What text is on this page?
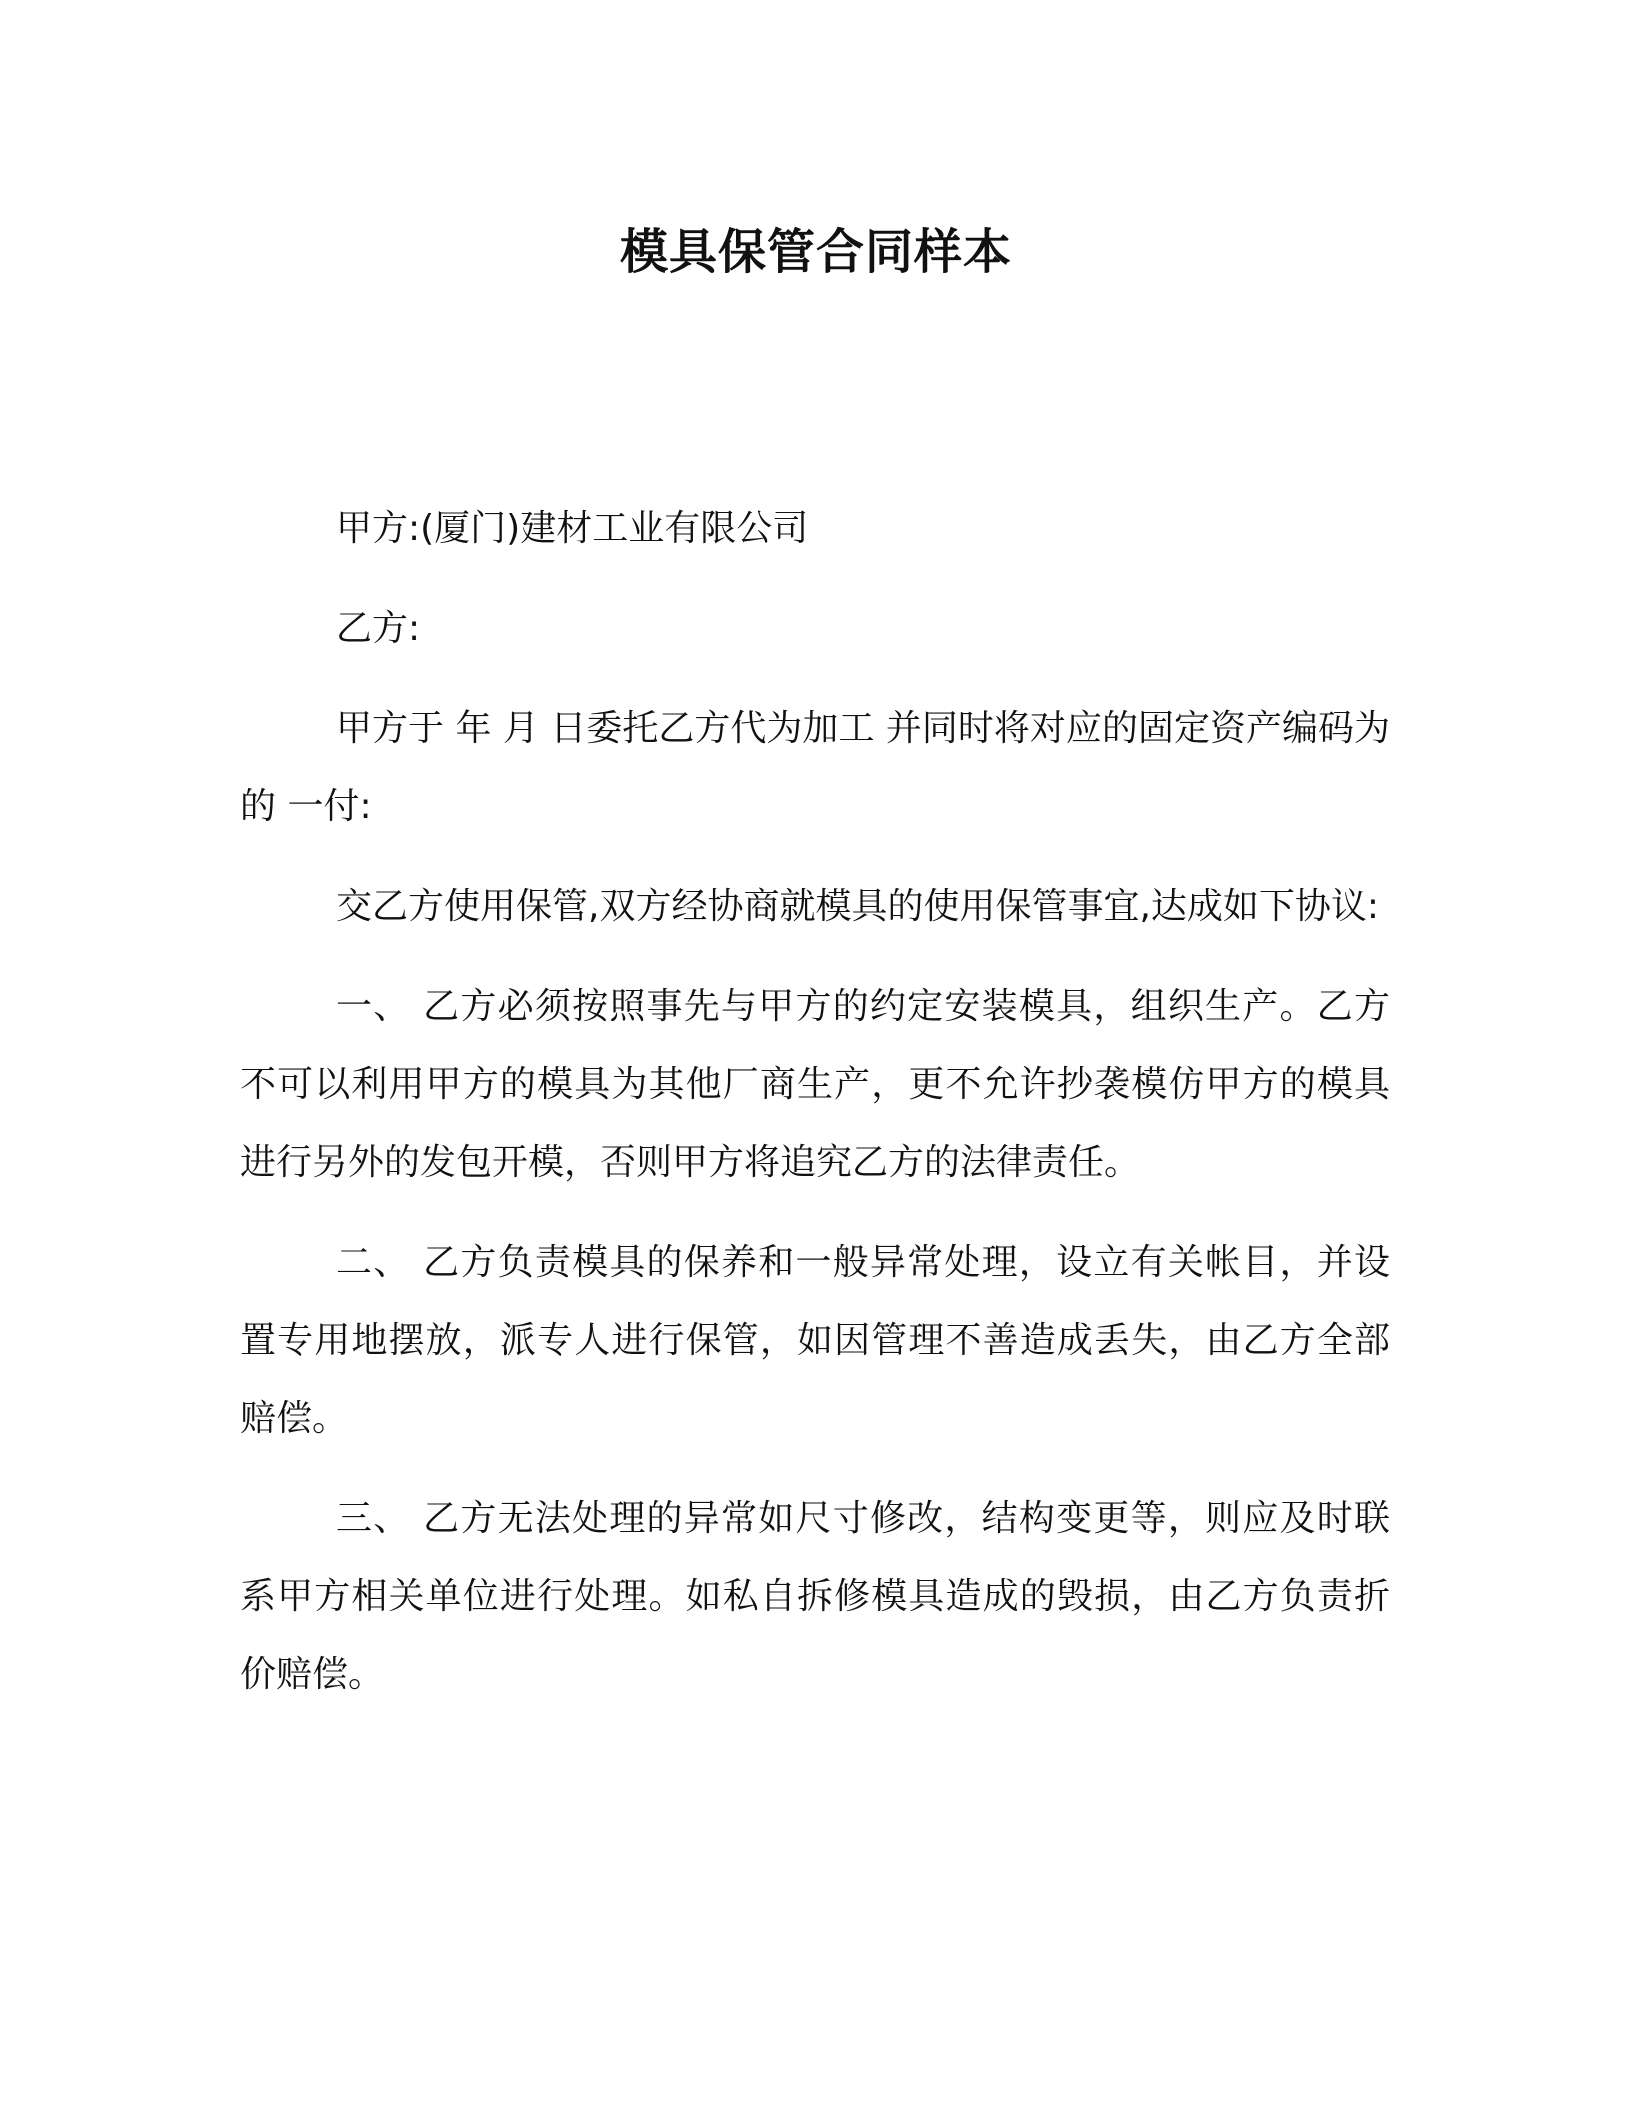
模具保管合同样本

甲方:(厦门)建材工业有限公司

乙方:

甲方于 年 月 日委托乙方代为加工 并同时将对应的固定资产编码为 的 一付:

交乙方使用保管,双方经协商就模具的使用保管事宜,达成如下协议:

一、 乙方必须按照事先与甲方的约定安装模具，组织生产。乙方不可以利用甲方的模具为其他厂商生产，更不允许抄袭模仿甲方的模具进行另外的发包开模，否则甲方将追究乙方的法律责任。

二、 乙方负责模具的保养和一般异常处理，设立有关帐目，并设置专用地摆放，派专人进行保管，如因管理不善造成丢失，由乙方全部赔偿。

三、 乙方无法处理的异常如尺寸修改，结构变更等，则应及时联系甲方相关单位进行处理。如私自拆修模具造成的毁损，由乙方负责折价赔偿。
